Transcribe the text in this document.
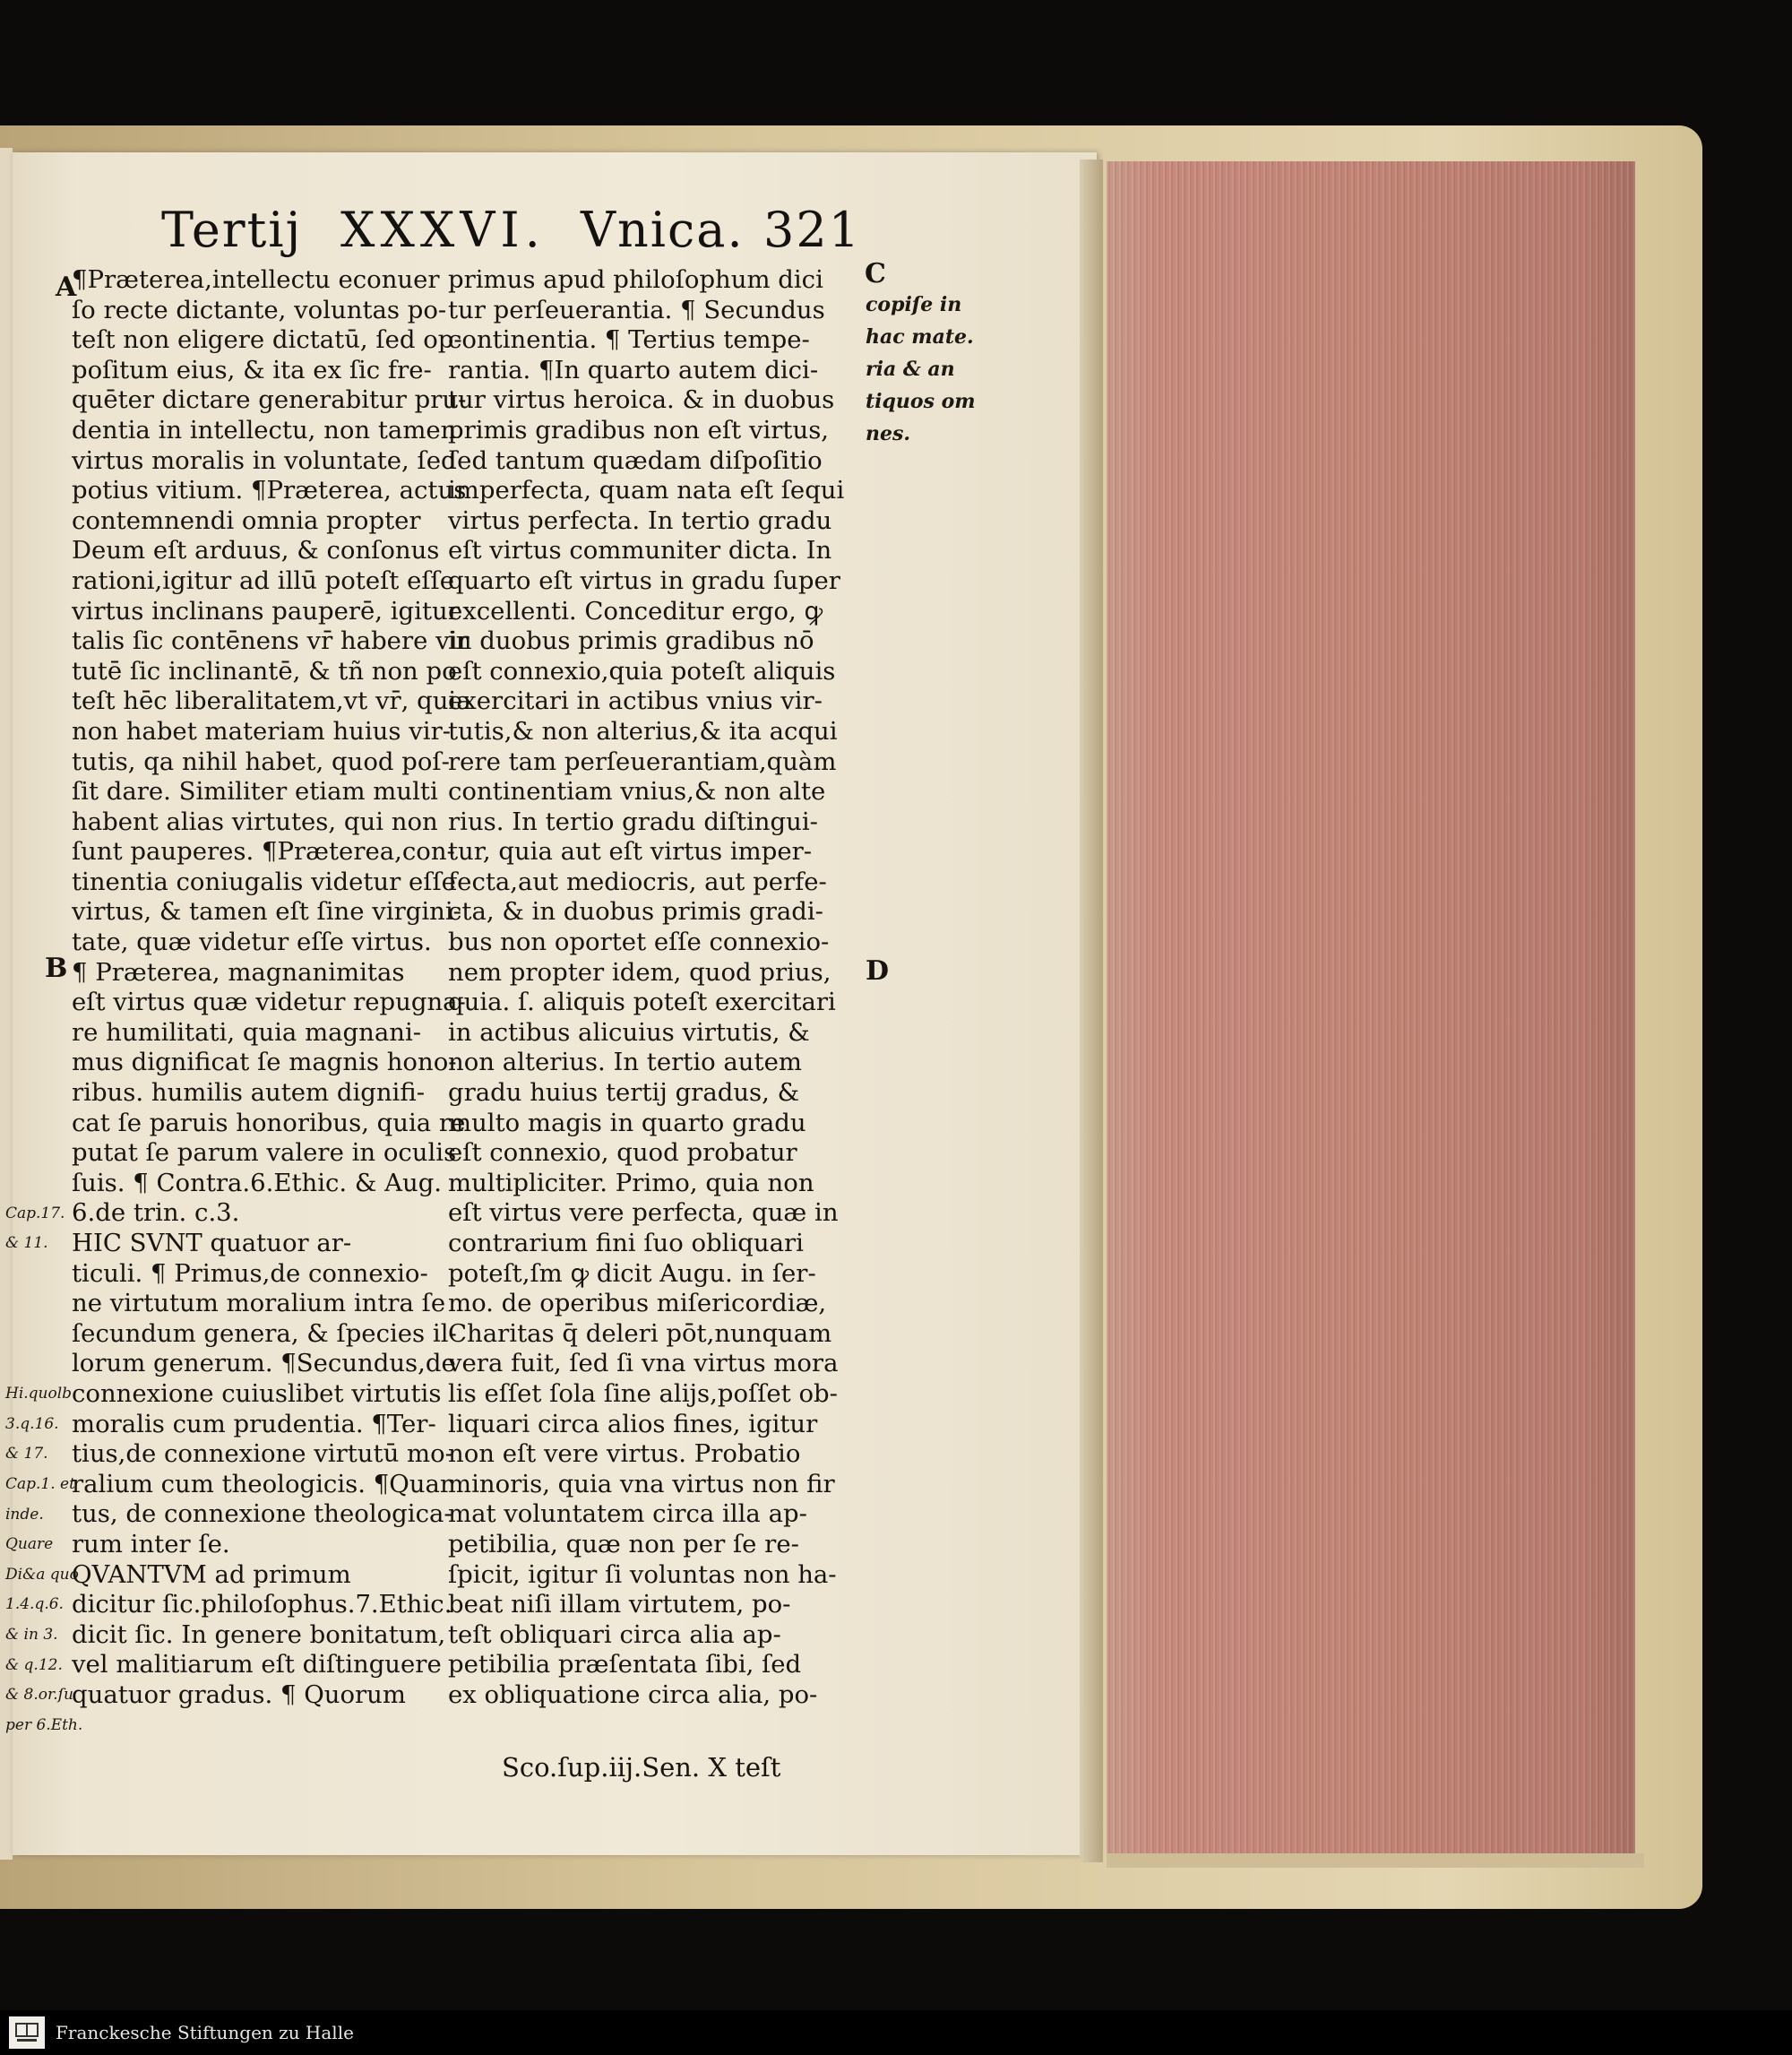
Tertij XXXVI. Vnica. 321
A
B
C
D
¶Præterea,intellectu econuer
ſo recte dictante, voluntas po-
teſt non eligere dictatū, ſed op-
poſitum eius, & ita ex ſic fre-
quēter dictare generabitur pru-
dentia in intellectu, non tamen
virtus moralis in voluntate, ſed
potius vitium. ¶Præterea, actus
contemnendi omnia propter
Deum eſt arduus, & conſonus
rationi,igitur ad illū poteſt eſſe
virtus inclinans pauperē, igitur
talis ſic contēnens vr̄ habere vir
tutē ſic inclinantē, & tñ non po
teſt hēc liberalitatem,vt vr̄, quia
non habet materiam huius vir-
tutis, qa nihil habet, quod poſ-
ſit dare. Similiter etiam multi
habent alias virtutes, qui non
ſunt pauperes. ¶Præterea,con-
tinentia coniugalis videtur eſſe
virtus, & tamen eſt ſine virgini-
tate, quæ videtur eſſe virtus.
¶ Præterea, magnanimitas
eſt virtus quæ videtur repugna-
re humilitati, quia magnani-
mus dignificat ſe magnis hono-
ribus. humilis autem dignifi-
cat ſe paruis honoribus, quia re
putat ſe parum valere in oculis
ſuis. ¶ Contra.6.Ethic. & Aug.
6.de trin. c.3.
HIC SVNT quatuor ar-
ticuli. ¶ Primus,de connexio-
ne virtutum moralium intra ſe
ſecundum genera, & ſpecies il-
lorum generum. ¶Secundus,de
connexione cuiuslibet virtutis
moralis cum prudentia. ¶Ter-
tius,de connexione virtutū mo-
ralium cum theologicis. ¶Quar
tus, de connexione theologica-
rum inter ſe.
QVANTVM ad primum
dicitur ſic.philoſophus.7.Ethic.
dicit ſic. In genere bonitatum,
vel malitiarum eſt diſtinguere
quatuor gradus. ¶ Quorum
primus apud philoſophum dici
tur perſeuerantia. ¶ Secundus
continentia. ¶ Tertius tempe-
rantia. ¶In quarto autem dici-
tur virtus heroica. & in duobus
primis gradibus non eſt virtus,
ſed tantum quædam diſpoſitio
imperfecta, quam nata eſt ſequi
virtus perfecta. In tertio gradu
eſt virtus communiter dicta. In
quarto eſt virtus in gradu ſuper
excellenti. Conceditur ergo, ꝙ
in duobus primis gradibus nō
eſt connexio,quia poteſt aliquis
exercitari in actibus vnius vir-
tutis,& non alterius,& ita acqui
rere tam perſeuerantiam,quàm
continentiam vnius,& non alte
rius. In tertio gradu diſtingui-
tur, quia aut eſt virtus imper-
fecta,aut mediocris, aut perfe-
cta, & in duobus primis gradi-
bus non oportet eſſe connexio-
nem propter idem, quod prius,
quia. ſ. aliquis poteſt exercitari
in actibus alicuius virtutis, &
non alterius. In tertio autem
gradu huius tertij gradus, &
multo magis in quarto gradu
eſt connexio, quod probatur
multipliciter. Primo, quia non
eſt virtus vere perfecta, quæ in
contrarium fini ſuo obliquari
poteſt,ſm ꝙ dicit Augu. in ſer-
mo. de operibus miſericordiæ,
Charitas q̄ deleri pōt,nunquam
vera fuit, ſed ſi vna virtus mora
lis eſſet ſola ſine alijs,poſſet ob-
liquari circa alios fines, igitur
non eſt vere virtus. Probatio
minoris, quia vna virtus non fir
mat voluntatem circa illa ap-
petibilia, quæ non per ſe re-
ſpicit, igitur ſi voluntas non ha-
beat niſi illam virtutem, po-
teſt obliquari circa alia ap-
petibilia præſentata ſibi, ſed
ex obliquatione circa alia, po-
copiſe in
hac mate.
ria & an
tiquos om
nes.
Cap.17.
& 11.
Hi.quolb.
3.q.16.
& 17.
Cap.1. et
inde.
Quare
Di&a quo
1.4.q.6.
& in 3.
& q.12.
& 8.or.ſu
per 6.Eth.
Sco.ſup.iij.Sen. X teſt
Franckesche Stiftungen zu Halle
